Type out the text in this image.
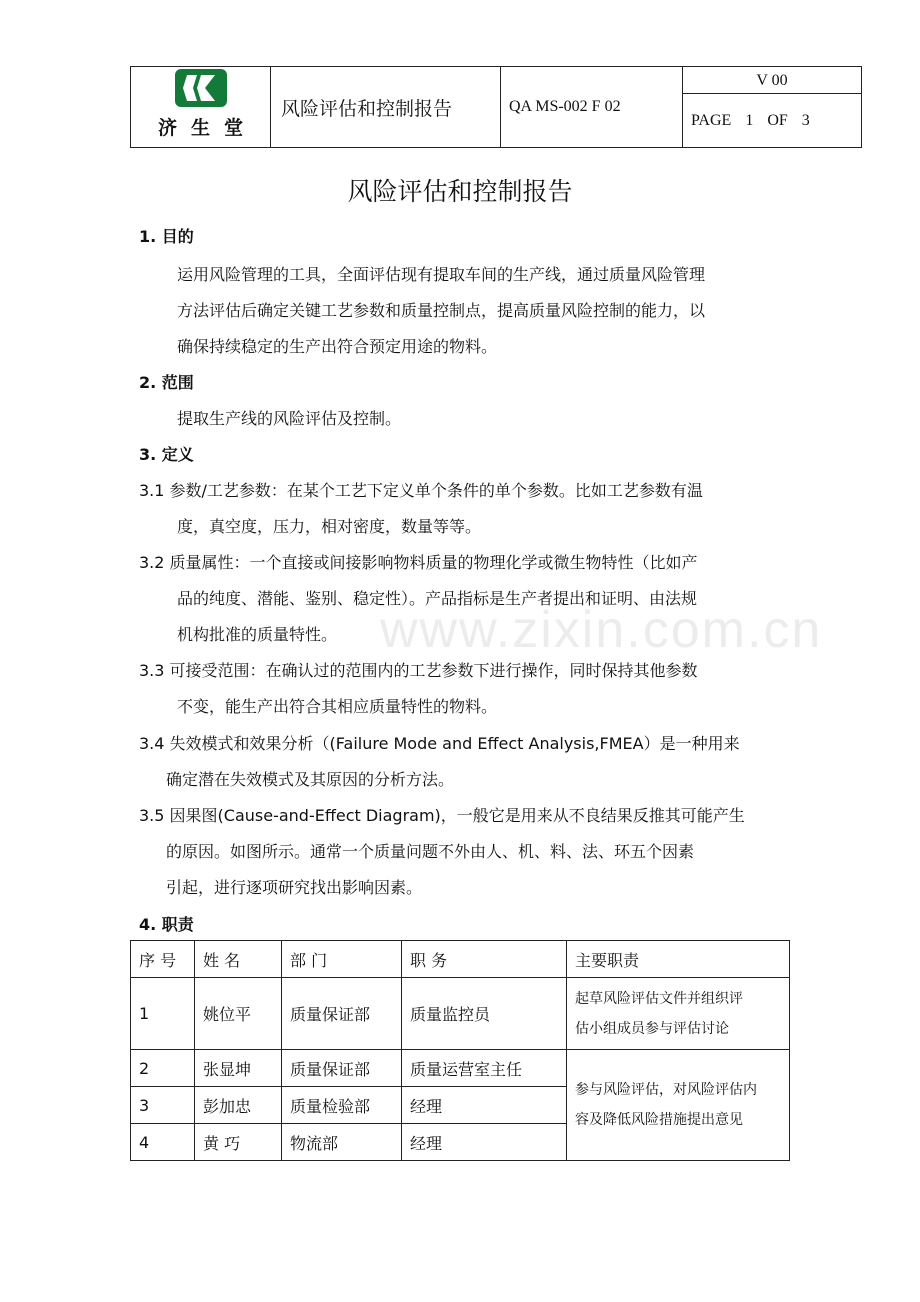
济生堂
风险评估和控制报告	QA MS-002 F 02
V 00
PAGE 1 OF 3
风险评估和控制报告
1. 目的
运用风险管理的工具，全面评估现有提取车间的生产线，通过质量风险管理
方法评估后确定关键工艺参数和质量控制点，提高质量风险控制的能力，以
确保持续稳定的生产出符合预定用途的物料。
2. 范围
提取生产线的风险评估及控制。
3. 定义
3.1 参数/工艺参数：在某个工艺下定义单个条件的单个参数。比如工艺参数有温
度，真空度，压力，相对密度，数量等等。
3.2 质量属性：一个直接或间接影响物料质量的物理化学或微生物特性（比如产
品的纯度、潜能、鉴别、稳定性）。产品指标是生产者提出和证明、由法规
机构批准的质量特性。
3.3 可接受范围：在确认过的范围内的工艺参数下进行操作，同时保持其他参数
不变，能生产出符合其相应质量特性的物料。
3.4 失效模式和效果分析（(Failure Mode and Effect Analysis,FMEA）是一种用来
确定潜在失效模式及其原因的分析方法。
3.5 因果图(Cause-and-Effect Diagram)，一般它是用来从不良结果反推其可能产生
的原因。如图所示。通常一个质量问题不外由人、机、料、法、环五个因素
引起，进行逐项研究找出影响因素。
www.zixin.com.cn
4. 职责
序 号	姓 名	部 门	职 务	主要职责
1	姚位平	质量保证部	质量监控员	起草风险评估文件并组织评
估小组成员参与评估讨论

2	张显坤	质量保证部	质量运营室主任	参与风险评估，对风险评估内
容及降低风险措施提出意见

3	彭加忠	质量检验部	经理	
4	黄 巧	物流部	经理	
